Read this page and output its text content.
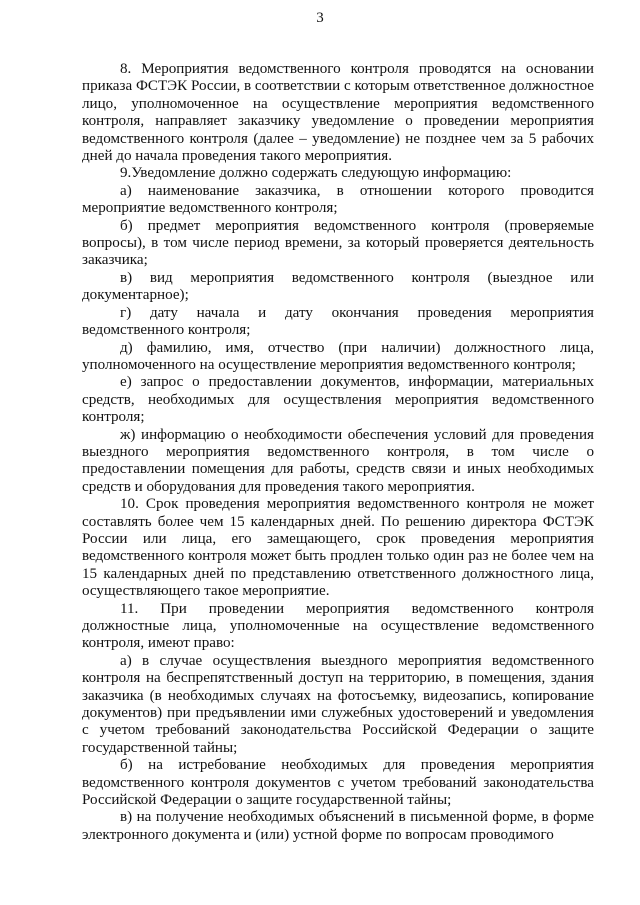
3

8. Мероприятия ведомственного контроля проводятся на основании приказа ФСТЭК России, в соответствии с которым ответственное должностное лицо, уполномоченное на осуществление мероприятия ведомственного контроля, направляет заказчику уведомление о проведении мероприятия ведомственного контроля (далее – уведомление) не позднее чем за 5 рабочих дней до начала проведения такого мероприятия.

9.Уведомление должно содержать следующую информацию:

а) наименование заказчика, в отношении которого проводится мероприятие ведомственного контроля;

б) предмет мероприятия ведомственного контроля (проверяемые вопросы), в том числе период времени, за который проверяется деятельность заказчика;

в) вид мероприятия ведомственного контроля (выездное или документарное);

г) дату начала и дату окончания проведения мероприятия ведомственного контроля;

д) фамилию, имя, отчество (при наличии) должностного лица, уполномоченного на осуществление мероприятия ведомственного контроля;

е) запрос о предоставлении документов, информации, материальных средств, необходимых для осуществления мероприятия ведомственного контроля;

ж) информацию о необходимости обеспечения условий для проведения выездного мероприятия ведомственного контроля, в том числе о предоставлении помещения для работы, средств связи и иных необходимых средств и оборудования для проведения такого мероприятия.

10. Срок проведения мероприятия ведомственного контроля не может составлять более чем 15 календарных дней. По решению директора ФСТЭК России или лица, его замещающего, срок проведения мероприятия ведомственного контроля может быть продлен только один раз не более чем на 15 календарных дней по представлению ответственного должностного лица, осуществляющего такое мероприятие.

11. При проведении мероприятия ведомственного контроля должностные лица, уполномоченные на осуществление ведомственного контроля, имеют право:

а) в случае осуществления выездного мероприятия ведомственного контроля на беспрепятственный доступ на территорию, в помещения, здания заказчика (в необходимых случаях на фотосъемку, видеозапись, копирование документов) при предъявлении ими служебных удостоверений и уведомления с учетом требований законодательства Российской Федерации о защите государственной тайны;

б) на истребование необходимых для проведения мероприятия ведомственного контроля документов с учетом требований законодательства Российской Федерации о защите государственной тайны;

в) на получение необходимых объяснений в письменной форме, в форме электронного документа и (или) устной форме по вопросам проводимого
